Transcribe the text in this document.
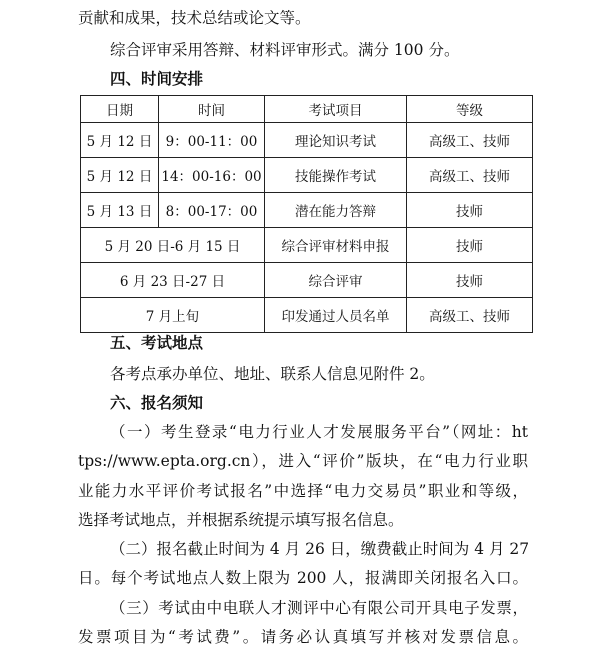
贡献和成果，技术总结或论文等。
综合评审采用答辩、材料评审形式。满分 100 分。
四、时间安排
日期	时间	考试项目	等级
5 月 12 日	9：00-11：00	理论知识考试	高级工、技师
5 月 12 日	14：00-16：00	技能操作考试	高级工、技师
5 月 13 日	8：00-17：00	潜在能力答辩	技师
5 月 20 日-6 月 15 日		综合评审材料申报	技师
6 月 23 日-27 日		综合评审	技师
7 月上旬		印发通过人员名单	高级工、技师
五、考试地点
各考点承办单位、地址、联系人信息见附件 2。
六、报名须知
（一）考生登录“电力行业人才发展服务平台”（网址：ht
tps://www.epta.org.cn），进入“评价”版块，在“电力行业职
业能力水平评价考试报名”中选择“电力交易员”职业和等级，
选择考试地点，并根据系统提示填写报名信息。
（二）报名截止时间为 4 月 26 日，缴费截止时间为 4 月 27
日。每个考试地点人数上限为 200 人，报满即关闭报名入口。
（三）考试由中电联人才测评中心有限公司开具电子发票，
发票项目为“考试费”。请务必认真填写并核对发票信息。
